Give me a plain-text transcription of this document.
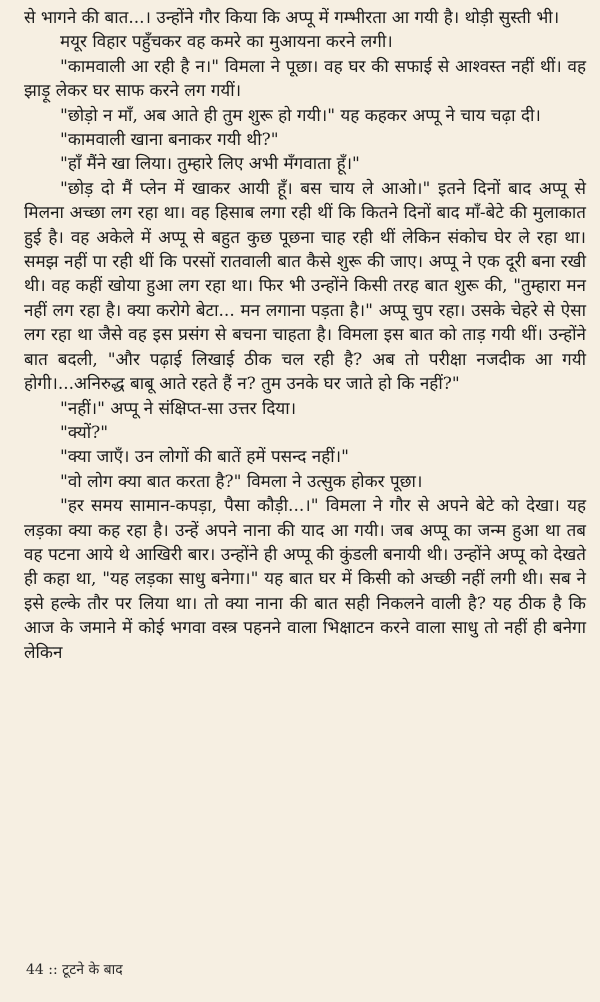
से भागने की बात...। उन्होंने गौर किया कि अप्पू में गम्भीरता आ गयी है। थोड़ी सुस्ती भी।

मयूर विहार पहुँचकर वह कमरे का मुआयना करने लगी।

"कामवाली आ रही है न।" विमला ने पूछा। वह घर की सफाई से आश्वस्त नहीं थीं। वह झाड़ू लेकर घर साफ करने लग गयीं।

"छोड़ो न माँ, अब आते ही तुम शुरू हो गयी।" यह कहकर अप्पू ने चाय चढ़ा दी।

"कामवाली खाना बनाकर गयी थी?"

"हाँ मैंने खा लिया। तुम्हारे लिए अभी मँगवाता हूँ।"

"छोड़ दो मैं प्लेन में खाकर आयी हूँ। बस चाय ले आओ।" इतने दिनों बाद अप्पू से मिलना अच्छा लग रहा था। वह हिसाब लगा रही थीं कि कितने दिनों बाद माँ-बेटे की मुलाकात हुई है। वह अकेले में अप्पू से बहुत कुछ पूछना चाह रही थीं लेकिन संकोच घेर ले रहा था। समझ नहीं पा रही थीं कि परसों रातवाली बात कैसे शुरू की जाए। अप्पू ने एक दूरी बना रखी थी। वह कहीं खोया हुआ लग रहा था। फिर भी उन्होंने किसी तरह बात शुरू की, "तुम्हारा मन नहीं लग रहा है। क्या करोगे बेटा... मन लगाना पड़ता है।" अप्पू चुप रहा। उसके चेहरे से ऐसा लग रहा था जैसे वह इस प्रसंग से बचना चाहता है। विमला इस बात को ताड़ गयी थीं। उन्होंने बात बदली, "और पढ़ाई लिखाई ठीक चल रही है? अब तो परीक्षा नजदीक आ गयी होगी।...अनिरुद्ध बाबू आते रहते हैं न? तुम उनके घर जाते हो कि नहीं?"

"नहीं।" अप्पू ने संक्षिप्त-सा उत्तर दिया।

"क्यों?"

"क्या जाएँ। उन लोगों की बातें हमें पसन्द नहीं।"

"वो लोग क्या बात करता है?" विमला ने उत्सुक होकर पूछा।

"हर समय सामान-कपड़ा, पैसा कौड़ी...।" विमला ने गौर से अपने बेटे को देखा। यह लड़का क्या कह रहा है। उन्हें अपने नाना की याद आ गयी। जब अप्पू का जन्म हुआ था तब वह पटना आये थे आखिरी बार। उन्होंने ही अप्पू की कुंडली बनायी थी। उन्होंने अप्पू को देखते ही कहा था, "यह लड़का साधु बनेगा।" यह बात घर में किसी को अच्छी नहीं लगी थी। सब ने इसे हल्के तौर पर लिया था। तो क्या नाना की बात सही निकलने वाली है? यह ठीक है कि आज के जमाने में कोई भगवा वस्त्र पहनने वाला भिक्षाटन करने वाला साधु तो नहीं ही बनेगा लेकिन

44 :: टूटने के बाद
